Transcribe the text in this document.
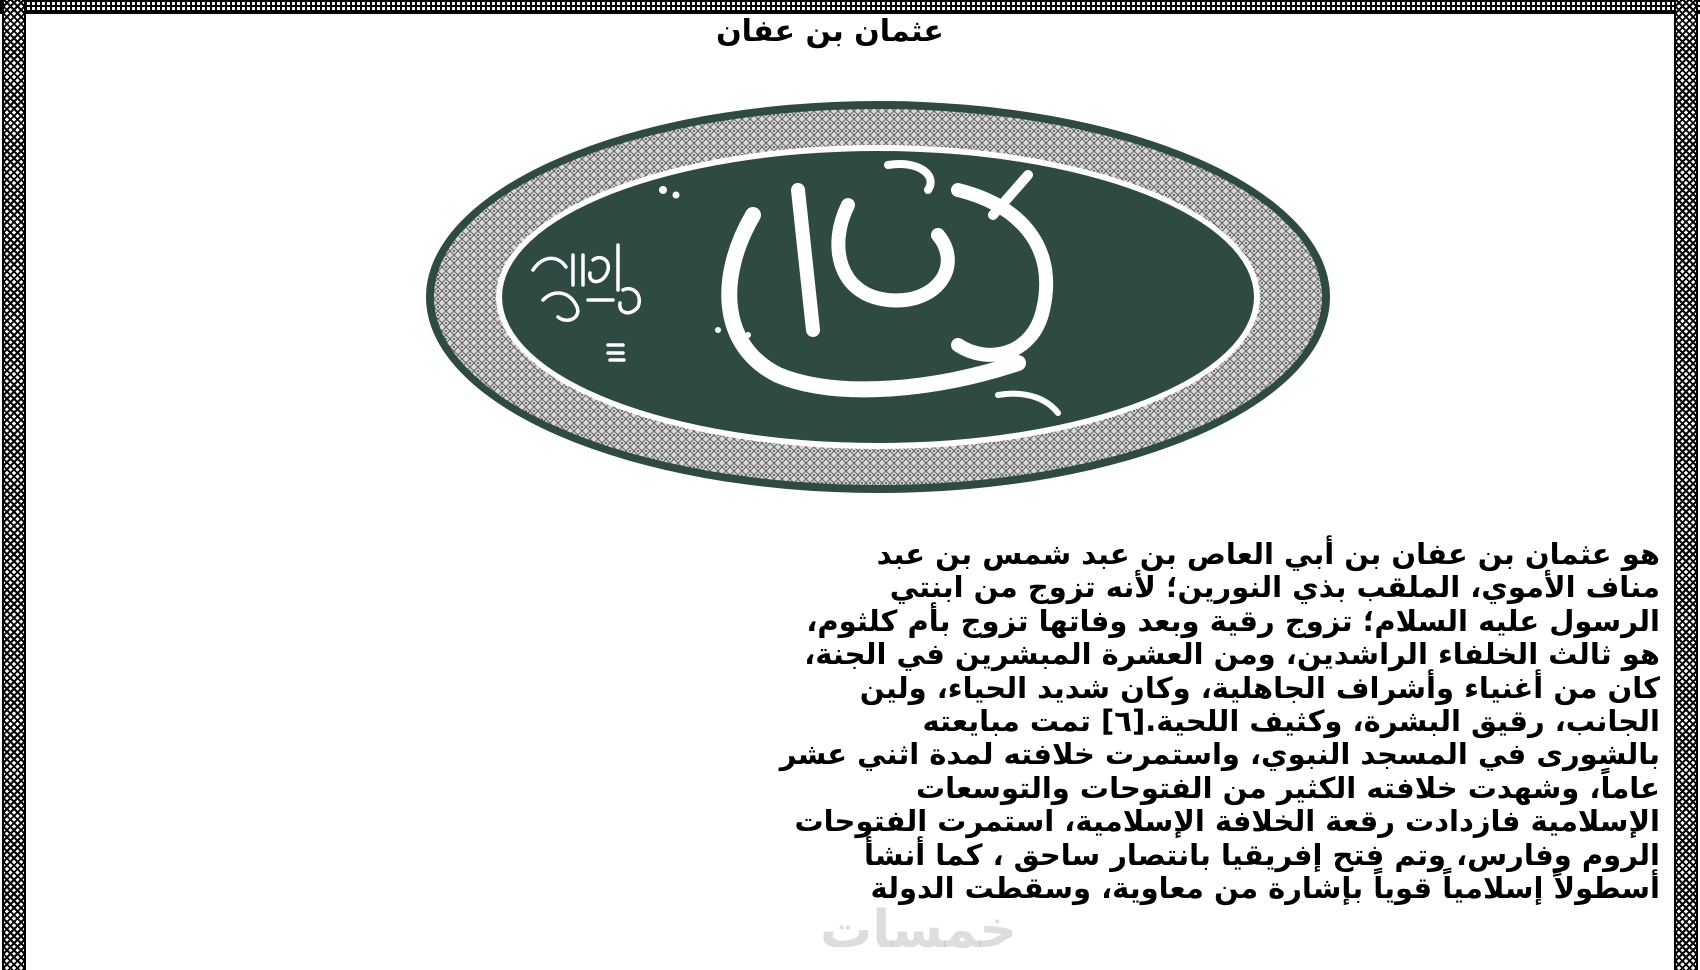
عثمان بن عفان
هو عثمان بن عفان بن أبي العاص بن عبد شمس بن عبد
مناف الأموي، الملقب بذي النورين؛ لأنه تزوج من ابنتي
الرسول عليه السلام؛ تزوج رقية وبعد وفاتها تزوج بأم كلثوم،
هو ثالث الخلفاء الراشدين، ومن العشرة المبشرين في الجنة،
كان من أغنياء وأشراف الجاهلية، وكان شديد الحياء، ولين
الجانب، رقيق البشرة، وكثيف اللحية.[٦] تمت مبايعته
بالشورى في المسجد النبوي، واستمرت خلافته لمدة اثني عشر
عاماً، وشهدت خلافته الكثير من الفتوحات والتوسعات
الإسلامية فازدادت رقعة الخلافة الإسلامية، استمرت الفتوحات
الروم وفارس، وتم فتح إفريقيا بانتصار ساحق ، كما أنشأ
أسطولاً إسلامياً قوياً بإشارة من معاوية، وسقطت الدولة
خمسات
